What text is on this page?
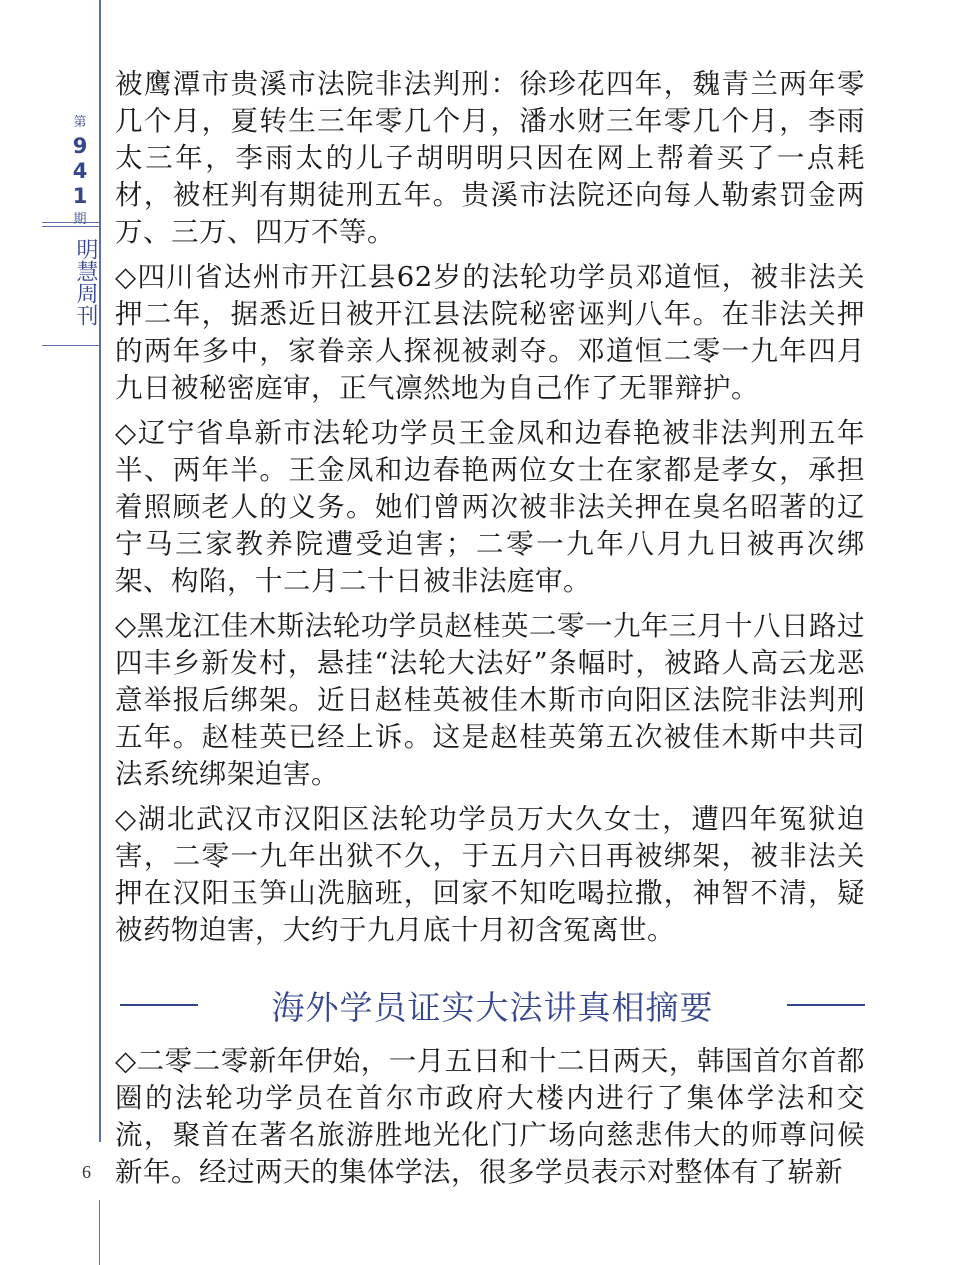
第
9
4
1
期
明慧周刊
6

被鹰潭市贵溪市法院非法判刑：徐珍花四年，魏青兰两年零几个月，夏转生三年零几个月，潘水财三年零几个月，李雨太三年，李雨太的儿子胡明明只因在网上帮着买了一点耗材，被枉判有期徒刑五年。贵溪市法院还向每人勒索罚金两万、三万、四万不等。

◇四川省达州市开江县62岁的法轮功学员邓道恒，被非法关押二年，据悉近日被开江县法院秘密诬判八年。在非法关押的两年多中，家眷亲人探视被剥夺。邓道恒二零一九年四月九日被秘密庭审，正气凛然地为自己作了无罪辩护。

◇辽宁省阜新市法轮功学员王金凤和边春艳被非法判刑五年半、两年半。王金凤和边春艳两位女士在家都是孝女，承担着照顾老人的义务。她们曾两次被非法关押在臭名昭著的辽宁马三家教养院遭受迫害；二零一九年八月九日被再次绑架、构陷，十二月二十日被非法庭审。

◇黑龙江佳木斯法轮功学员赵桂英二零一九年三月十八日路过四丰乡新发村，悬挂“法轮大法好”条幅时，被路人高云龙恶意举报后绑架。近日赵桂英被佳木斯市向阳区法院非法判刑五年。赵桂英已经上诉。这是赵桂英第五次被佳木斯中共司法系统绑架迫害。

◇湖北武汉市汉阳区法轮功学员万大久女士，遭四年冤狱迫害，二零一九年出狱不久，于五月六日再被绑架，被非法关押在汉阳玉笋山洗脑班，回家不知吃喝拉撒，神智不清，疑被药物迫害，大约于九月底十月初含冤离世。

海外学员证实大法讲真相摘要

◇二零二零新年伊始，一月五日和十二日两天，韩国首尔首都圈的法轮功学员在首尔市政府大楼内进行了集体学法和交流，聚首在著名旅游胜地光化门广场向慈悲伟大的师尊问候新年。经过两天的集体学法，很多学员表示对整体有了崭新
